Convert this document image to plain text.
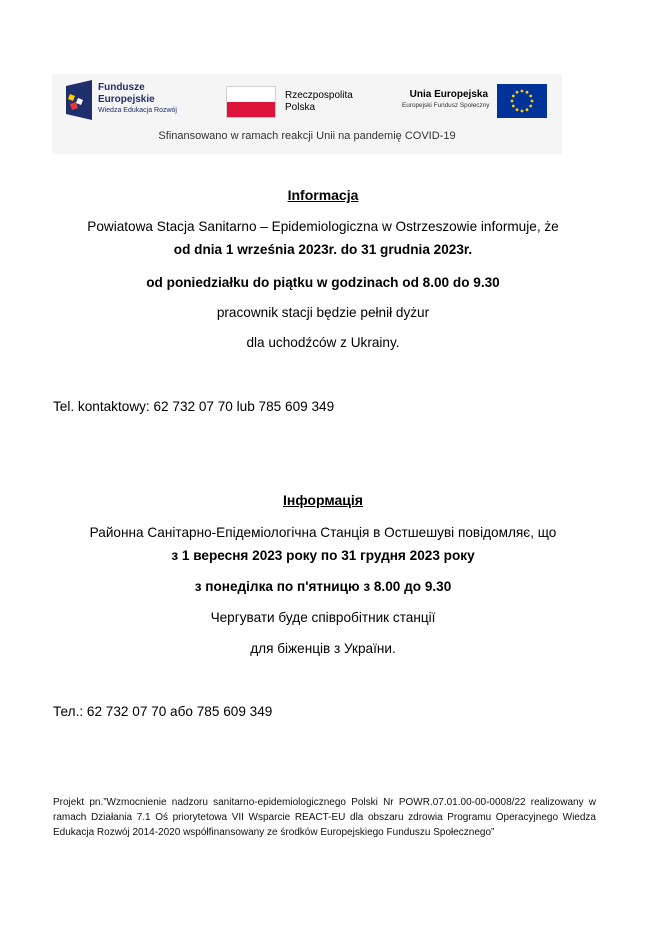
Fundusze
Europejskie
Wiedza Edukacja Rozwój
Rzeczpospolita
Polska
Unia Europejska
Europejski Fundusz Społeczny
Sfinansowano w ramach reakcji Unii na pandemię COVID-19
Informacja
Powiatowa Stacja Sanitarno – Epidemiologiczna w Ostrzeszowie informuje, że
od dnia 1 września 2023r. do 31 grudnia 2023r.
od poniedziałku do piątku w godzinach od 8.00 do 9.30
pracownik stacji będzie pełnił dyżur
dla uchodźców z Ukrainy.
Tel. kontaktowy: 62 732 07 70 lub 785 609 349
Інформація
Районна Санітарно-Епідеміологічна Станція в Остшешуві повідомляє, що
з 1 вересня 2023 року по 31 грудня 2023 року
з понеділка по п'ятницю з 8.00 до 9.30
Чергувати буде співробітник станції
для біженців з України.
Тел.: 62 732 07 70 або 785 609 349
Projekt pn.”Wzmocnienie nadzoru sanitarno-epidemiologicznego Polski Nr POWR.07.01.00-00-0008/22 realizowany w ramach Działania 7.1 Oś priorytetowa VII Wsparcie REACT-EU dla obszaru zdrowia Programu Operacyjnego Wiedza Edukacja Rozwój 2014-2020 współfinansowany ze środków Europejskiego Funduszu Społecznego”
